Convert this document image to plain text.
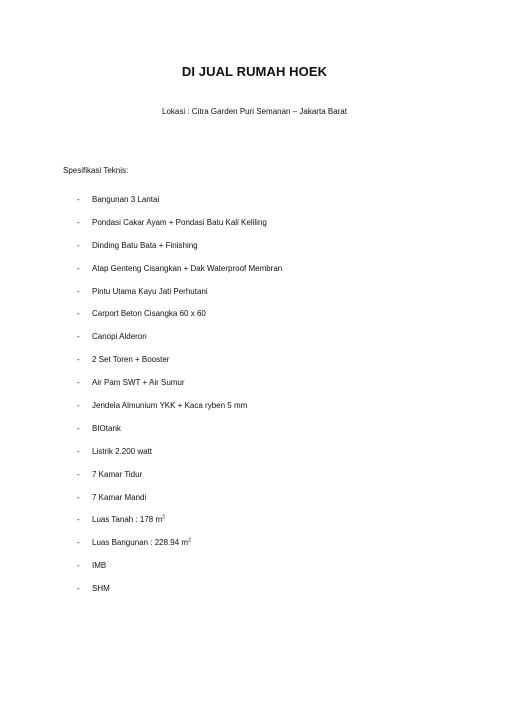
DI JUAL RUMAH HOEK
Lokasi : Citra Garden Puri Semanan – Jakarta Barat
Spesifikasi Teknis:
- Bangunan 3 Lantai
- Pondasi Cakar Ayam + Pondasi Batu Kali Keliling
- Dinding Batu Bata + Finishing
- Atap Genteng Cisangkan + Dak Waterproof Membran
- Pintu Utama Kayu Jati Perhutani
- Carport Beton Cisangka 60 x 60
- Canopi Alderon
- 2 Set Toren + Booster
- Air Pam SWT + Air Sumur
- Jendela Almunium YKK + Kaca ryben 5 mm
- BIOtank
- Listrik 2.200 watt
- 7 Kamar Tidur
- 7 Kamar Mandi
- Luas Tanah : 178 $m^2$
- Luas Bangunan : 228.94 $m^2$
- IMB
- SHM
